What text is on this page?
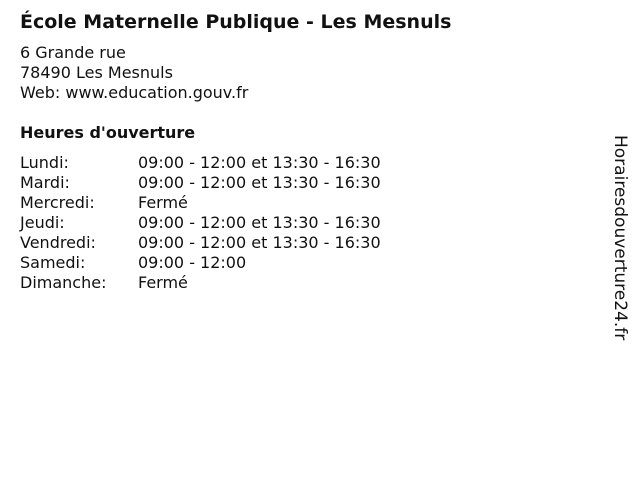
École Maternelle Publique - Les Mesnuls
6 Grande rue
78490 Les Mesnuls
Web: www.education.gouv.fr
Heures d'ouverture
Lundi:	09:00 - 12:00 et 13:30 - 16:30
Mardi:	09:00 - 12:00 et 13:30 - 16:30
Mercredi:	Fermé
Jeudi:	09:00 - 12:00 et 13:30 - 16:30
Vendredi:	09:00 - 12:00 et 13:30 - 16:30
Samedi:	09:00 - 12:00
Dimanche:	Fermé	Horairesdouverture24.fr
